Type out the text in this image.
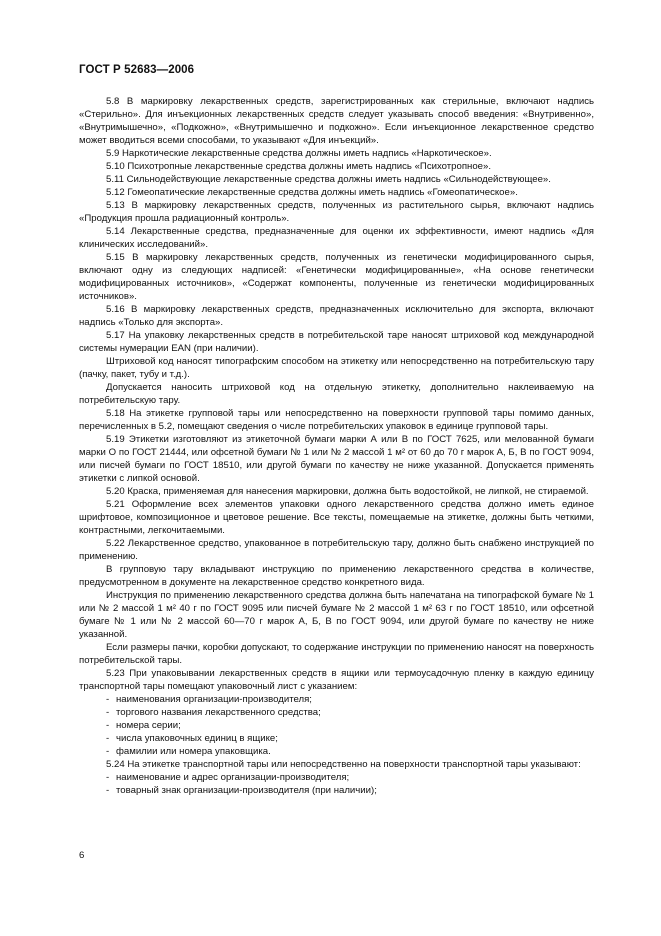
ГОСТ Р 52683—2006

5.8 В маркировку лекарственных средств, зарегистрированных как стерильные, включают надпись «Стерильно». Для инъекционных лекарственных средств следует указывать способ введения: «Внутривенно», «Внутримышечно», «Подкожно», «Внутримышечно и подкожно». Если инъекционное лекарственное средство может вводиться всеми способами, то указывают «Для инъекций».

5.9 Наркотические лекарственные средства должны иметь надпись «Наркотическое».

5.10 Психотропные лекарственные средства должны иметь надпись «Психотропное».

5.11 Сильнодействующие лекарственные средства должны иметь надпись «Сильнодействующее».

5.12 Гомеопатические лекарственные средства должны иметь надпись «Гомеопатическое».

5.13 В маркировку лекарственных средств, полученных из растительного сырья, включают надпись «Продукция прошла радиационный контроль».

5.14 Лекарственные средства, предназначенные для оценки их эффективности, имеют надпись «Для клинических исследований».

5.15 В маркировку лекарственных средств, полученных из генетически модифицированного сырья, включают одну из следующих надписей: «Генетически модифицированные», «На основе генетически модифицированных источников», «Содержат компоненты, полученные из генетически модифицированных источников».

5.16 В маркировку лекарственных средств, предназначенных исключительно для экспорта, включают надпись «Только для экспорта».

5.17 На упаковку лекарственных средств в потребительской таре наносят штриховой код международной системы нумерации EAN (при наличии).

Штриховой код наносят типографским способом на этикетку или непосредственно на потребительскую тару (пачку, пакет, тубу и т.д.).

Допускается наносить штриховой код на отдельную этикетку, дополнительно наклеиваемую на потребительскую тару.

5.18 На этикетке групповой тары или непосредственно на поверхности групповой тары помимо данных, перечисленных в 5.2, помещают сведения о числе потребительских упаковок в единице групповой тары.

5.19 Этикетки изготовляют из этикеточной бумаги марки А или В по ГОСТ 7625, или мелованной бумаги марки О по ГОСТ 21444, или офсетной бумаги № 1 или № 2 массой 1 м² от 60 до 70 г марок А, Б, В по ГОСТ 9094, или писчей бумаги по ГОСТ 18510, или другой бумаги по качеству не ниже указанной. Допускается применять этикетки с липкой основой.

5.20 Краска, применяемая для нанесения маркировки, должна быть водостойкой, не липкой, не стираемой.

5.21 Оформление всех элементов упаковки одного лекарственного средства должно иметь единое шрифтовое, композиционное и цветовое решение. Все тексты, помещаемые на этикетке, должны быть четкими, контрастными, легкочитаемыми.

5.22 Лекарственное средство, упакованное в потребительскую тару, должно быть снабжено инструкцией по применению.

В групповую тару вкладывают инструкцию по применению лекарственного средства в количестве, предусмотренном в документе на лекарственное средство конкретного вида.

Инструкция по применению лекарственного средства должна быть напечатана на типографской бумаге № 1 или № 2 массой 1 м² 40 г по ГОСТ 9095 или писчей бумаге № 2 массой 1 м² 63 г по ГОСТ 18510, или офсетной бумаге № 1 или № 2 массой 60—70 г марок А, Б, В по ГОСТ 9094, или другой бумаге по качеству не ниже указанной.

Если размеры пачки, коробки допускают, то содержание инструкции по применению наносят на поверхность потребительской тары.

5.23 При упаковывании лекарственных средств в ящики или термоусадочную пленку в каждую единицу транспортной тары помещают упаковочный лист с указанием:

- наименования организации-производителя;
- торгового названия лекарственного средства;
- номера серии;
- числа упаковочных единиц в ящике;
- фамилии или номера упаковщика.

5.24 На этикетке транспортной тары или непосредственно на поверхности транспортной тары указывают:

- наименование и адрес организации-производителя;
- товарный знак организации-производителя (при наличии);
6
